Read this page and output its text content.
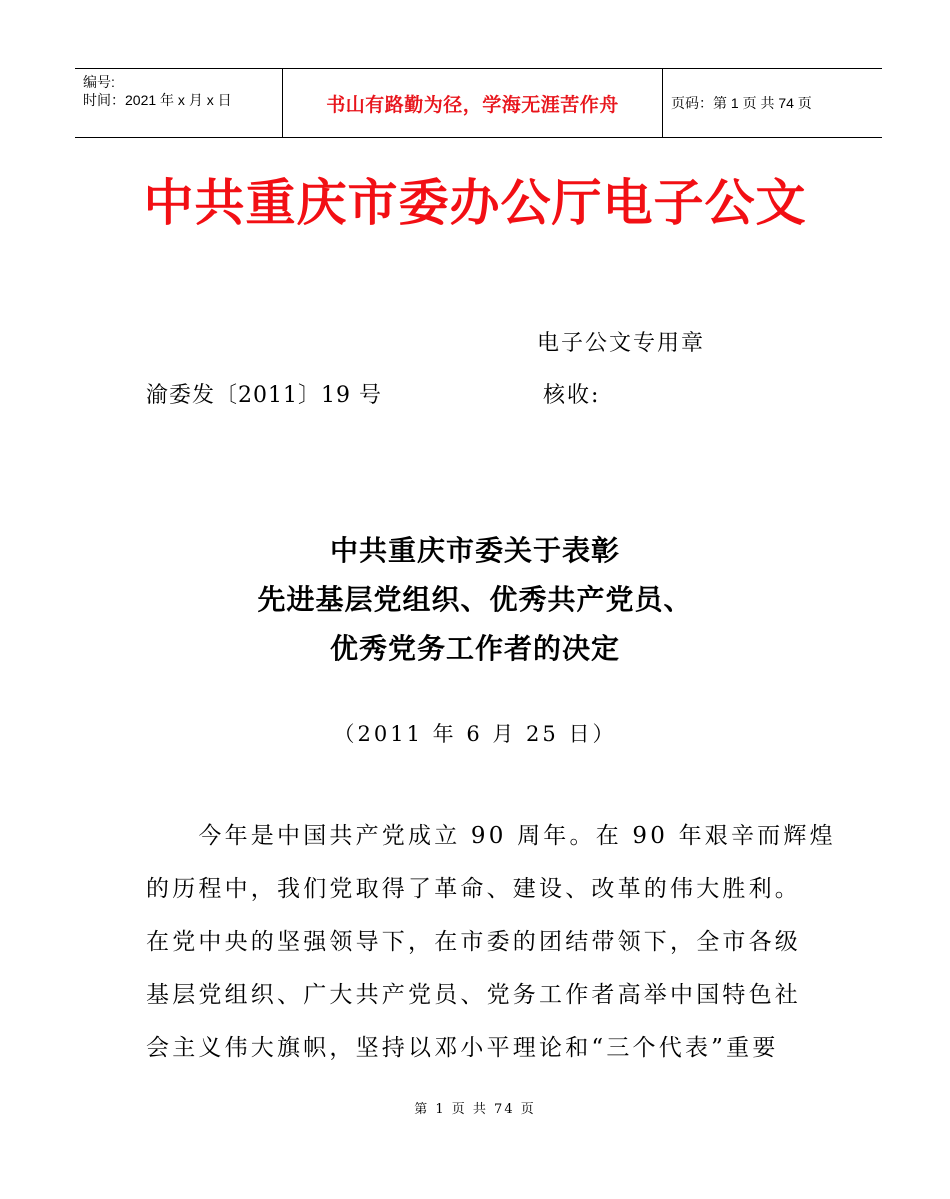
编号:
时间：2021 年 x 月 x 日	书山有路勤为径，学海无涯苦作舟	页码：第 1 页 共 74 页
中共重庆市委办公厅电子公文
电子公文专用章
渝委发〔2011〕19 号	核收:
中共重庆市委关于表彰
先进基层党组织、优秀共产党员、
优秀党务工作者的决定
（2011 年 6 月 25 日）
　　今年是中国共产党成立 90 周年。在 90 年艰辛而辉煌
的历程中，我们党取得了革命、建设、改革的伟大胜利。
在党中央的坚强领导下，在市委的团结带领下，全市各级
基层党组织、广大共产党员、党务工作者高举中国特色社
会主义伟大旗帜，坚持以邓小平理论和“三个代表”重要
第 1 页 共 74 页
